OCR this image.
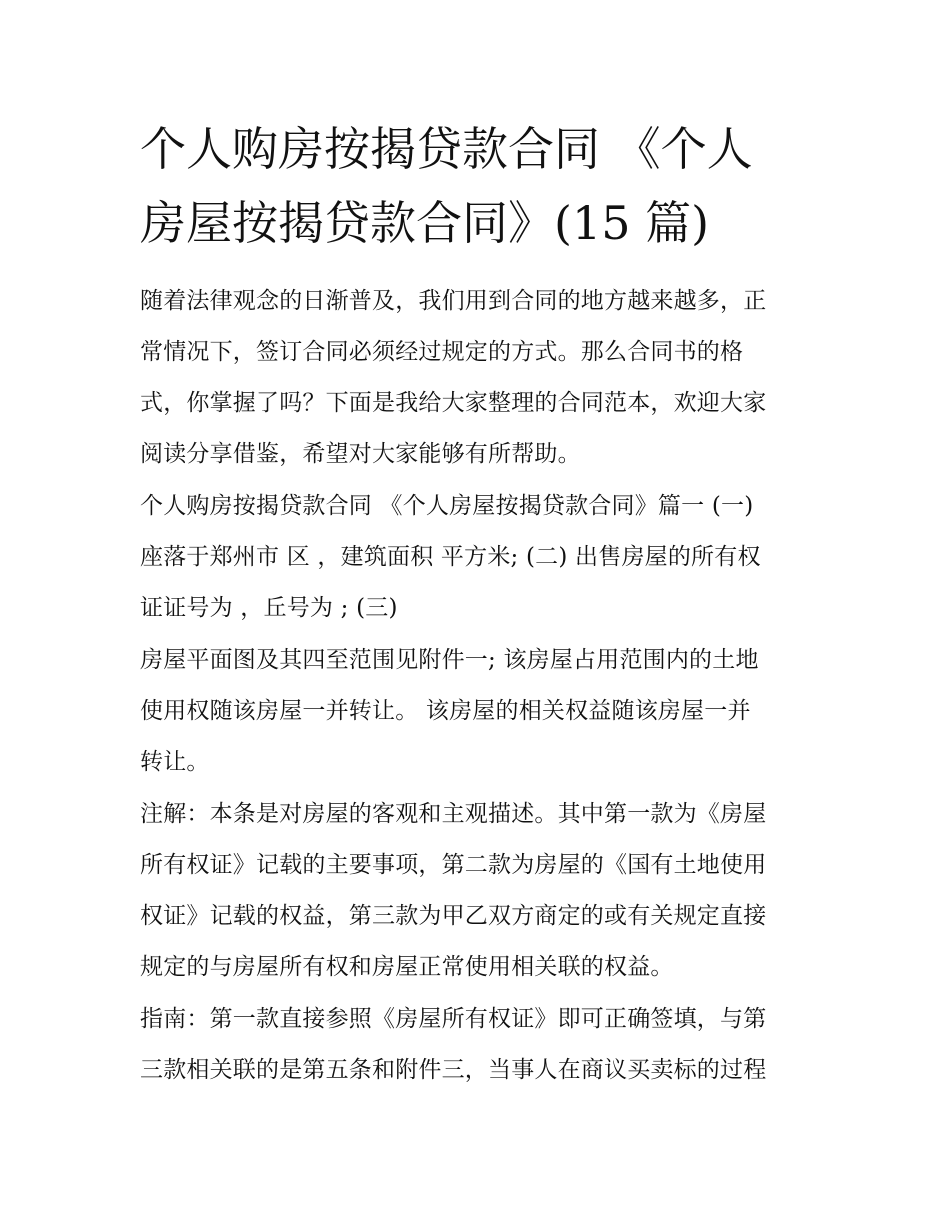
个人购房按揭贷款合同 《个人
房屋按揭贷款合同》(15 篇)

随着法律观念的日渐普及，我们用到合同的地方越来越多，正
常情况下，签订合同必须经过规定的方式。那么合同书的格
式，你掌握了吗？下面是我给大家整理的合同范本，欢迎大家
阅读分享借鉴，希望对大家能够有所帮助。

个人购房按揭贷款合同 《个人房屋按揭贷款合同》篇一 (一)
座落于郑州市 区 ，建筑面积 平方米; (二) 出售房屋的所有权
证证号为 ，丘号为 ; (三)

房屋平面图及其四至范围见附件一; 该房屋占用范围内的土地
使用权随该房屋一并转让。 该房屋的相关权益随该房屋一并
转让。

注解：本条是对房屋的客观和主观描述。其中第一款为《房屋
所有权证》记载的主要事项，第二款为房屋的《国有土地使用
权证》记载的权益，第三款为甲乙双方商定的或有关规定直接
规定的与房屋所有权和房屋正常使用相关联的权益。

指南：第一款直接参照《房屋所有权证》即可正确签填，与第
三款相关联的是第五条和附件三，当事人在商议买卖标的过程
